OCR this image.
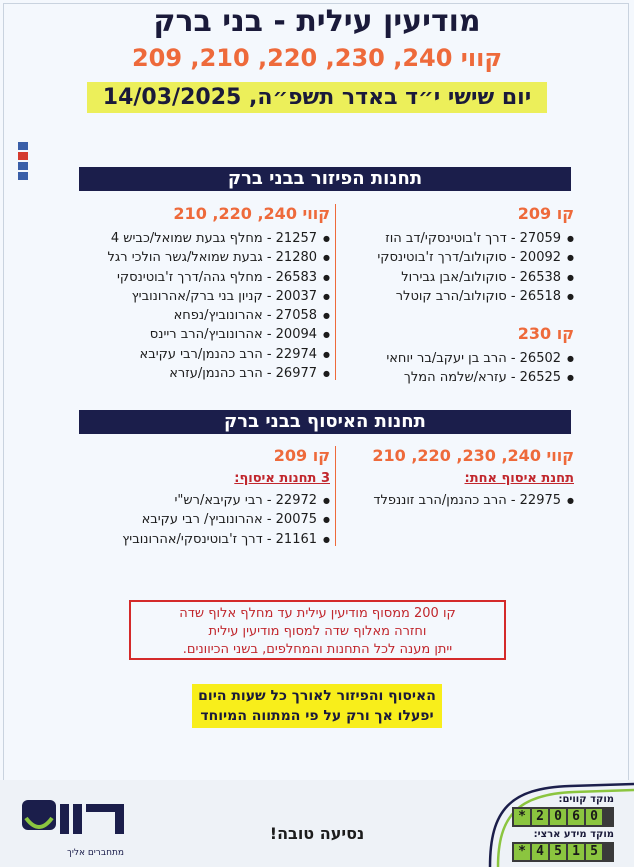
מודיעין עילית - בני ברק
קווי 240, 230, 220, 210, 209
יום שישי י״ד באדר תשפ״ה, 14/03/2025
תחנות הפיזור בבני ברק
קו 209
● 27059 - דרך ז'בוטינסקי/דב הוז
● 20092 - סוקולוב/דרך ז'בוטינסקי
● 26538 - סוקולוב/אבן גבירול
● 26518 - סוקולוב/הרב קוטלר
קו 230
● 26502 - הרב בן יעקב/בר יוחאי
● 26525 - עזרא/שלמה המלך
קווי 240, 220, 210
● 21257 - מחלף גבעת שמואל/כביש 4
● 21280 - גבעת שמואל/גשר הולכי רגל
● 26583 - מחלף גהה/דרך ז'בוטינסקי
● 20037 - קניון בני ברק/אהרונוביץ
● 27058 - אהרונוביץ/נפחא
● 20094 - אהרונוביץ/הרב ריינס
● 22974 - הרב כהנמן/רבי עקיבא
● 26977 - הרב כהנמן/עזרא
תחנות האיסוף בבני ברק
קווי 240, 230, 220, 210
תחנת איסוף אחת:
● 22975 - הרב כהנמן/הרב זוננפלד
קו 209
3 תחנות איסוף:
● 22972 - רבי עקיבא/רש"י
● 20075 - אהרונוביץ/ רבי עקיבא
● 21161 - דרך ז'בוטינסקי/אהרונוביץ
קו 200 ממסוף מודיעין עילית עד מחלף אלוף שדה
וחזרה מאלוף שדה למסוף מודיעין עילית
ייתן מענה לכל התחנות והמחלפים, בשני הכיוונים.
האיסוף והפיזור לאורך כל שעות היום
יפעלו אך ורק על פי המתווה המיוחד
נסיעה טובה!
מתחברים אליך
מוקד קווים:
* 2 0 6 0
מוקד מידע ארצי:
* 4 5 1 5
